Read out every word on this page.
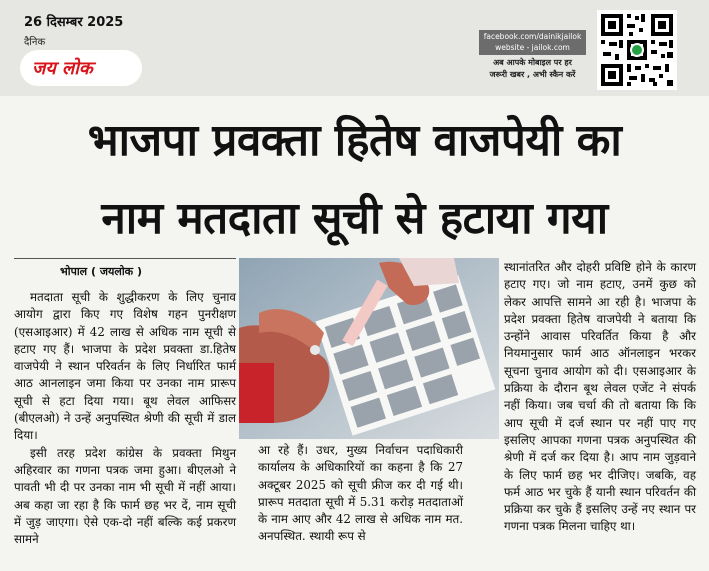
26 दिसम्बर 2025
दैनिक
जय लोक
facebook.com/dainikjailok
website - jailok.com
अब आपके मोबाइल पर हर
जरूरी खबर , अभी स्कैन करें
भाजपा प्रवक्ता हितेष वाजपेयी का
नाम मतदाता सूची से हटाया गया
भोपाल ( जयलोक )

मतदाता सूची के शुद्धीकरण के लिए चुनाव आयोग द्वारा किए गए विशेष गहन पुनरीक्षण (एसआइआर) में 42 लाख से अधिक नाम सूची से हटाए गए हैं। भाजपा के प्रदेश प्रवक्ता डा.हितेष वाजपेयी ने स्थान परिवर्तन के लिए निर्धारित फार्म आठ आनलाइन जमा किया पर उनका नाम प्रारूप सूची से हटा दिया गया। बूथ लेवल आफिसर (बीएलओ) ने उन्हें अनुपस्थित श्रेणी की सूची में डाल दिया।

इसी तरह प्रदेश कांग्रेस के प्रवक्ता मिथुन अहिरवार का गणना पत्रक जमा हुआ। बीएलओ ने पावती भी दी पर उनका नाम भी सूची में नहीं आया। अब कहा जा रहा है कि फार्म छह भर दें, नाम सूची में जुड़ जाएगा। ऐसे एक-दो नहीं बल्कि कई प्रकरण सामने

आ रहे हैं। उधर, मुख्य निर्वाचन पदाधिकारी कार्यालय के अधिकारियों का कहना है कि 27 अक्टूबर 2025 को सूची फ्रीज कर दी गई थी। प्रारूप मतदाता सूची में 5.31 करोड़ मतदाताओं के नाम आए और 42 लाख से अधिक नाम मत. अनपस्थित. स्थायी रूप से

स्थानांतरित और दोहरी प्रविष्टि होने के कारण हटाए गए। जो नाम हटाए, उनमें कुछ को लेकर आपत्ति सामने आ रही है। भाजपा के प्रदेश प्रवक्ता हितेष वाजपेयी ने बताया कि उन्होंने आवास परिवर्तित किया है और नियमानुसार फार्म आठ ऑनलाइन भरकर सूचना चुनाव आयोग को दी। एसआइआर के प्रक्रिया के दौरान बूथ लेवल एजेंट ने संपर्क नहीं किया। जब चर्चा की तो बताया कि कि आप सूची में दर्ज स्थान पर नहीं पाए गए इसलिए आपका गणना पत्रक अनुपस्थित की श्रेणी में दर्ज कर दिया है। आप नाम जुड़वाने के लिए फार्म छह भर दीजिए। जबकि, वह फर्म आठ भर चुके हैं यानी स्थान परिवर्तन की प्रक्रिया कर चुके हैं इसलिए उन्हें नए स्थान पर गणना पत्रक मिलना चाहिए था।
